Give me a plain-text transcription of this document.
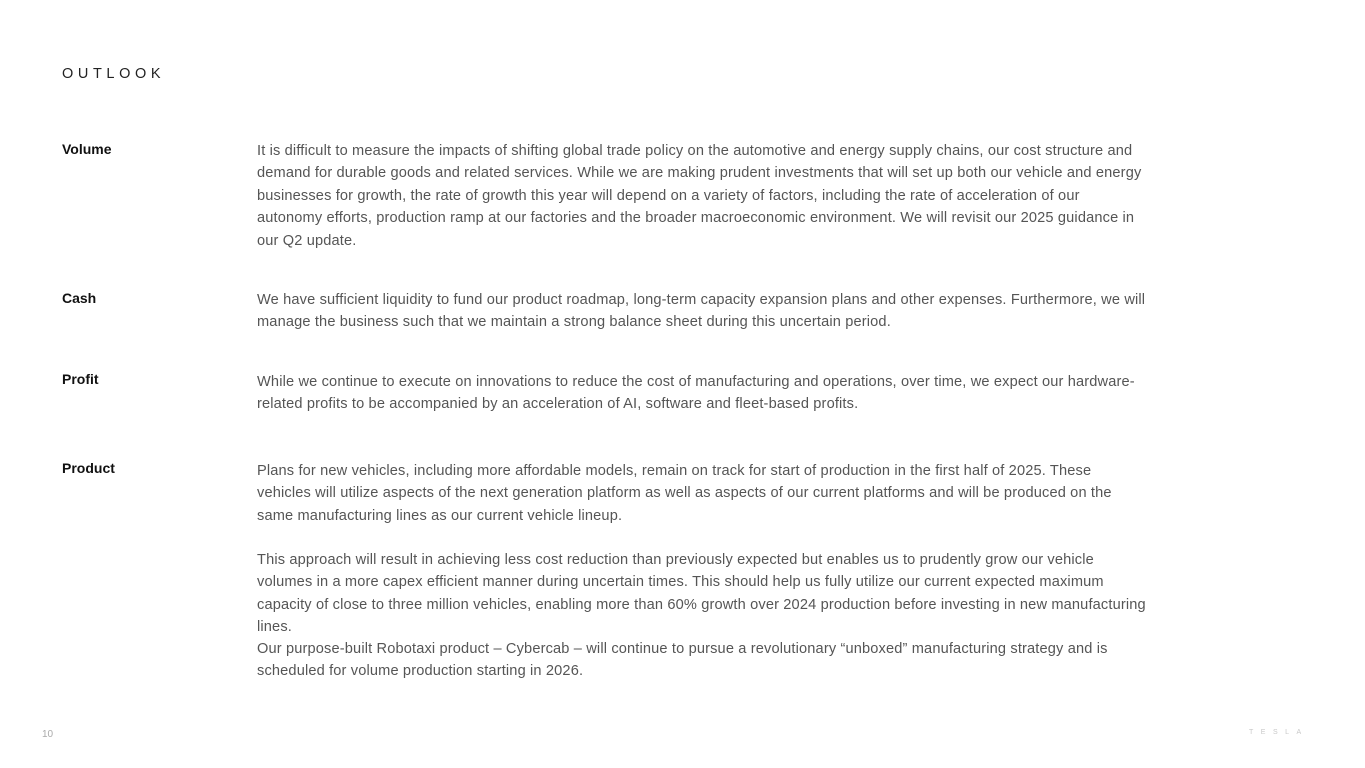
OUTLOOK
Volume	It is difficult to measure the impacts of shifting global trade policy on the automotive and energy supply chains, our cost structure and demand for durable goods and related services. While we are making prudent investments that will set up both our vehicle and energy businesses for growth, the rate of growth this year will depend on a variety of factors, including the rate of acceleration of our autonomy efforts, production ramp at our factories and the broader macroeconomic environment. We will revisit our 2025 guidance in our Q2 update.

Cash	We have sufficient liquidity to fund our product roadmap, long-term capacity expansion plans and other expenses. Furthermore, we will manage the business such that we maintain a strong balance sheet during this uncertain period.

Profit	While we continue to execute on innovations to reduce the cost of manufacturing and operations, over time, we expect our hardware-related profits to be accompanied by an acceleration of AI, software and fleet-based profits.

Product	Plans for new vehicles, including more affordable models, remain on track for start of production in the first half of 2025. These vehicles will utilize aspects of the next generation platform as well as aspects of our current platforms and will be produced on the same manufacturing lines as our current vehicle lineup.

This approach will result in achieving less cost reduction than previously expected but enables us to prudently grow our vehicle volumes in a more capex efficient manner during uncertain times. This should help us fully utilize our current expected maximum capacity of close to three million vehicles, enabling more than 60% growth over 2024 production before investing in new manufacturing lines.

Our purpose-built Robotaxi product – Cybercab – will continue to pursue a revolutionary “unboxed” manufacturing strategy and is scheduled for volume production starting in 2026.

10	TESLA
